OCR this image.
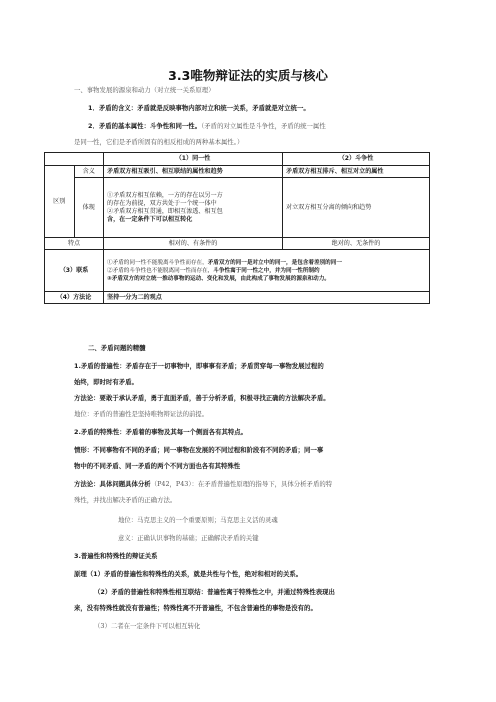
3.3唯物辩证法的实质与核心
一、事物发展的源泉和动力（对立统一关系原理）
1．矛盾的含义：矛盾就是反映事物内部对立和统一关系，矛盾就是对立统一。
2．矛盾的基本属性：斗争性和同一性。（矛盾的对立属性是斗争性，矛盾的统一属性
是同一性，它们是矛盾所固有的相反相成的两种基本属性。）
		（1）同一性	（2）斗争性
区别	含义	矛盾双方相互吸引、相互联结的属性和趋势	矛盾双方相互排斥、相互对立的属性
	体现	①矛盾双方相互依赖，一方的存在以另一方
的存在为前提，双方共处于一个统一体中
②矛盾双方相互贯通，即相互渗透、相互包
含，在一定条件下可以相互转化	对立双方相互分离的倾向和趋势
特点		相对的、有条件的	绝对的、无条件的
（3）联系		①矛盾的同一性不能脱离斗争性而存在，矛盾双方的同一是对立中的同一，是包含着差别的同一
②矛盾的斗争性也不能脱离同一性而存在，斗争性寓于同一性之中，并为同一性所制约
③矛盾双方的对立统一推动事物的运动、变化和发展，由此构成了事物发展的源泉和动力。	

（4）方法论		坚持一分为二的观点	
二、矛盾问题的精髓
1.矛盾的普遍性：矛盾存在于一切事物中，即事事有矛盾；矛盾贯穿每一事物发展过程的
始终，即时时有矛盾。
方法论：要敢于承认矛盾，勇于直面矛盾，善于分析矛盾，积极寻找正确的方法解决矛盾。
地位：矛盾的普遍性是坚持唯物辩证法的前提。
2.矛盾的特殊性：矛盾着的事物及其每一个侧面各有其特点。
情形：不同事物有不同的矛盾；同一事物在发展的不同过程和阶段有不同的矛盾；同一事
物中的不同矛盾、同一矛盾的两个不同方面也各有其特殊性
方法论：具体问题具体分析（P42，P43）：在矛盾普遍性原理的指导下，具体分析矛盾的特
殊性，并找出解决矛盾的正确方法。
地位：马克思主义的一个重要原则；马克思主义活的灵魂
意义：正确认识事物的基础；正确解决矛盾的关键
3.普遍性和特殊性的辩证关系
原理（1）矛盾的普遍性和特殊性的关系，就是共性与个性，绝对和相对的关系。
（2）矛盾的普遍性和特殊性相互联结：普遍性寓于特殊性之中，并通过特殊性表现出
来，没有特殊性就没有普遍性；特殊性离不开普遍性，不包含普遍性的事物是没有的。
（3）二者在一定条件下可以相互转化
